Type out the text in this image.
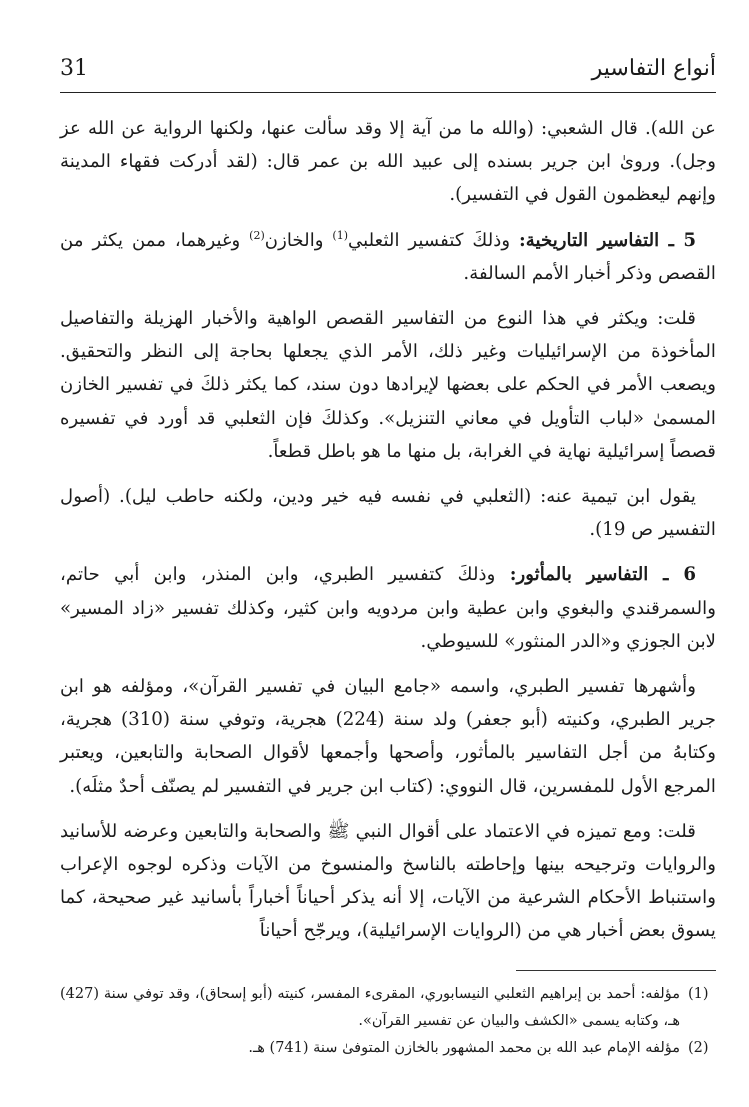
أنواع التفاسير
31

عن الله). قال الشعبي: (والله ما من آية إلا وقد سألت عنها، ولكنها الرواية عن الله عز وجل). وروىٰ ابن جرير بسنده إلى عبيد الله بن عمر قال: (لقد أدركت فقهاء المدينة وإنهم ليعظمون القول في التفسير).

5 ـ التفاسير التاريخية: وذلكَ كتفسير الثعلبي$^{(1)}$ والخازن$^{(2)}$ وغيرهما، ممن يكثر من القصص وذكر أخبار الأمم السالفة.

قلت: ويكثر في هذا النوع من التفاسير القصص الواهية والأخبار الهزيلة والتفاصيل المأخوذة من الإسرائيليات وغير ذلك، الأمر الذي يجعلها بحاجة إلى النظر والتحقيق. ويصعب الأمر في الحكم على بعضها لإيرادها دون سند، كما يكثر ذلكَ في تفسير الخازن المسمىٰ «لباب التأويل في معاني التنزيل». وكذلكَ فإن الثعلبي قد أورد في تفسيره قصصاً إسرائيلية نهاية في الغرابة، بل منها ما هو باطل قطعاً.

يقول ابن تيمية عنه: (الثعلبي في نفسه فيه خير ودين، ولكنه حاطب ليل). (أصول التفسير ص 19).

6 ـ التفاسير بالمأثور: وذلكَ كتفسير الطبري، وابن المنذر، وابن أبي حاتم، والسمرقندي والبغوي وابن عطية وابن مردويه وابن كثير، وكذلك تفسير «زاد المسير» لابن الجوزي و«الدر المنثور» للسيوطي.

وأشهرها تفسير الطبري، واسمه «جامع البيان في تفسير القرآن»، ومؤلفه هو ابن جرير الطبري، وكنيته (أبو جعفر) ولد سنة (224) هجرية، وتوفي سنة (310) هجرية، وكتابهُ من أجل التفاسير بالمأثور، وأصحها وأجمعها لأقوال الصحابة والتابعين، ويعتبر المرجع الأول للمفسرين، قال النووي: (كتاب ابن جرير في التفسير لم يصنّف أحدٌ مثلَه).

قلت: ومع تميزه في الاعتماد على أقوال النبي ﷺ والصحابة والتابعين وعرضه للأسانيد والروايات وترجيحه بينها وإحاطته بالناسخ والمنسوخ من الآيات وذكره لوجوه الإعراب واستنباط الأحكام الشرعية من الآيات، إلا أنه يذكر أحياناً أخباراً بأسانيد غير صحيحة، كما يسوق بعض أخبار هي من (الروايات الإسرائيلية)، ويرجّح أحياناً

(1)
مؤلفه: أحمد بن إبراهيم الثعلبي النيسابوري، المقرىء المفسر، كنيته (أبو إسحاق)، وقد توفي سنة (427) هـ، وكتابه يسمى «الكشف والبيان عن تفسير القرآن».

(2)
مؤلفه الإمام عبد الله بن محمد المشهور بالخازن المتوفىٰ سنة (741) هـ.
